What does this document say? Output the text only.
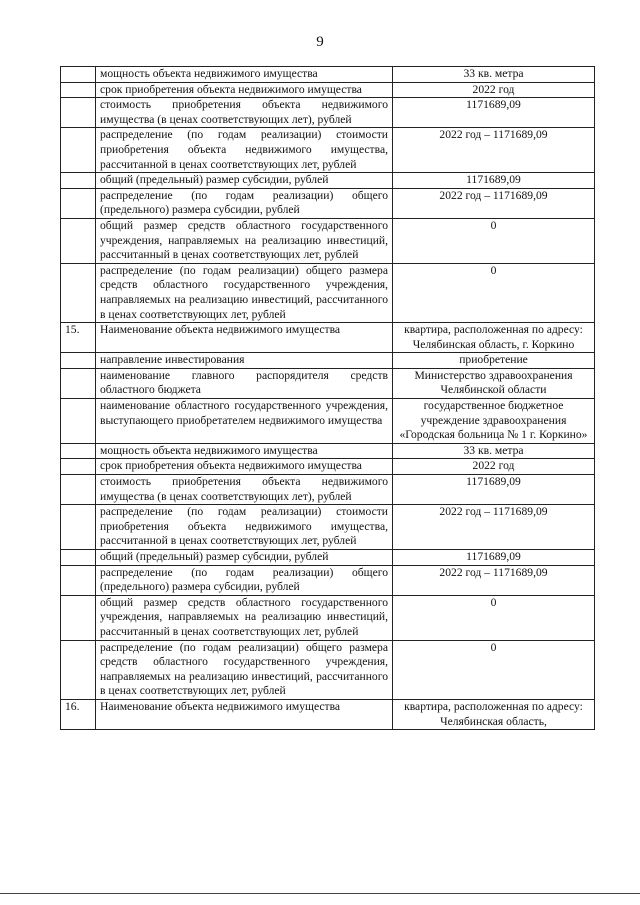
9
	мощность объекта недвижимого имущества	33 кв. метра
	срок приобретения объекта недвижимого имущества	2022 год
	стоимость приобретения объекта недвижимого имущества (в ценах соответствующих лет), рублей	1171689,09
	распределение (по годам реализации) стоимости приобретения объекта недвижимого имущества, рассчитанной в ценах соответствующих лет, рублей	2022 год – 1171689,09
	общий (предельный) размер субсидии, рублей	1171689,09
	распределение (по годам реализации) общего (предельного) размера субсидии, рублей	2022 год – 1171689,09
	общий размер средств областного государственного учреждения, направляемых на реализацию инвестиций, рассчитанный в ценах соответствующих лет, рублей	0
	распределение (по годам реализации) общего размера средств областного государственного учреждения, направляемых на реализацию инвестиций, рассчитанного в ценах соответствующих лет, рублей	0
15.	Наименование объекта недвижимого имущества	квартира, расположенная по адресу: Челябинская область, г. Коркино
	направление инвестирования	приобретение
	наименование главного распорядителя средств областного бюджета	Министерство здравоохранения Челябинской области
	наименование областного государственного учреждения, выступающего приобретателем недвижимого имущества	государственное бюджетное учреждение здравоохранения «Городская больница № 1 г. Коркино»
	мощность объекта недвижимого имущества	33 кв. метра
	срок приобретения объекта недвижимого имущества	2022 год
	стоимость приобретения объекта недвижимого имущества (в ценах соответствующих лет), рублей	1171689,09
	распределение (по годам реализации) стоимости приобретения объекта недвижимого имущества, рассчитанной в ценах соответствующих лет, рублей	2022 год – 1171689,09
	общий (предельный) размер субсидии, рублей	1171689,09
	распределение (по годам реализации) общего (предельного) размера субсидии, рублей	2022 год – 1171689,09
	общий размер средств областного государственного учреждения, направляемых на реализацию инвестиций, рассчитанный в ценах соответствующих лет, рублей	0
	распределение (по годам реализации) общего размера средств областного государственного учреждения, направляемых на реализацию инвестиций, рассчитанного в ценах соответствующих лет, рублей	0
16.	Наименование объекта недвижимого имущества	квартира, расположенная по адресу: Челябинская область,
